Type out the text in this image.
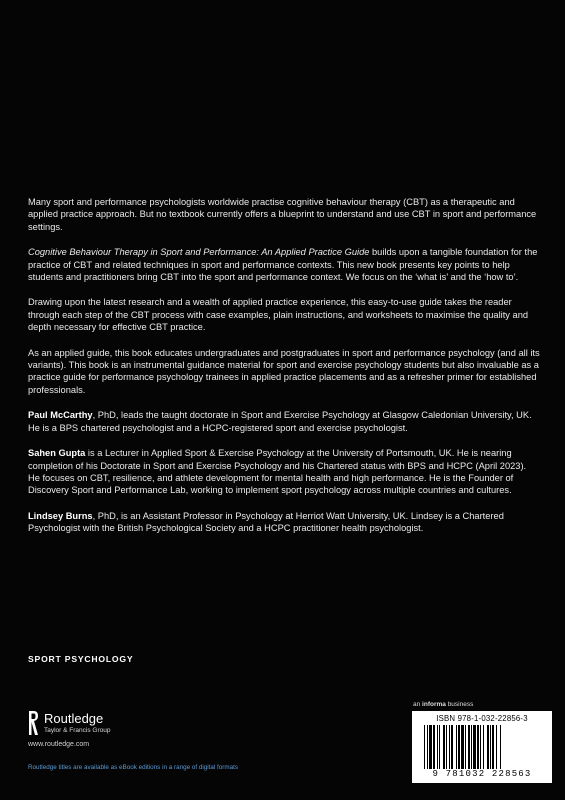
Many sport and performance psychologists worldwide practise cognitive behaviour therapy (CBT) as a therapeutic and applied practice approach. But no textbook currently offers a blueprint to understand and use CBT in sport and performance settings.

Cognitive Behaviour Therapy in Sport and Performance: An Applied Practice Guide builds upon a tangible foundation for the practice of CBT and related techniques in sport and performance contexts. This new book presents key points to help students and practitioners bring CBT into the sport and performance context. We focus on the ‘what is’ and the ‘how to’.

Drawing upon the latest research and a wealth of applied practice experience, this easy-to-use guide takes the reader through each step of the CBT process with case examples, plain instructions, and worksheets to maximise the quality and depth necessary for effective CBT practice.

As an applied guide, this book educates undergraduates and postgraduates in sport and performance psychology (and all its variants). This book is an instrumental guidance material for sport and exercise psychology students but also invaluable as a practice guide for performance psychology trainees in applied practice placements and as a refresher primer for established professionals.

Paul McCarthy, PhD, leads the taught doctorate in Sport and Exercise Psychology at Glasgow Caledonian University, UK. He is a BPS chartered psychologist and a HCPC-registered sport and exercise psychologist.

Sahen Gupta is a Lecturer in Applied Sport & Exercise Psychology at the University of Portsmouth, UK. He is nearing completion of his Doctorate in Sport and Exercise Psychology and his Chartered status with BPS and HCPC (April 2023). He focuses on CBT, resilience, and athlete development for mental health and high performance. He is the Founder of Discovery Sport and Performance Lab, working to implement sport psychology across multiple countries and cultures.

Lindsey Burns, PhD, is an Assistant Professor in Psychology at Herriot Watt University, UK. Lindsey is a Chartered Psychologist with the British Psychological Society and a HCPC practitioner health psychologist.

SPORT PSYCHOLOGY
Routledge
Taylor & Francis Group
www.routledge.com
Routledge titles are available as eBook editions in a range of digital formats
an informa business
ISBN 978-1-032-22856-3
9 781032 228563
